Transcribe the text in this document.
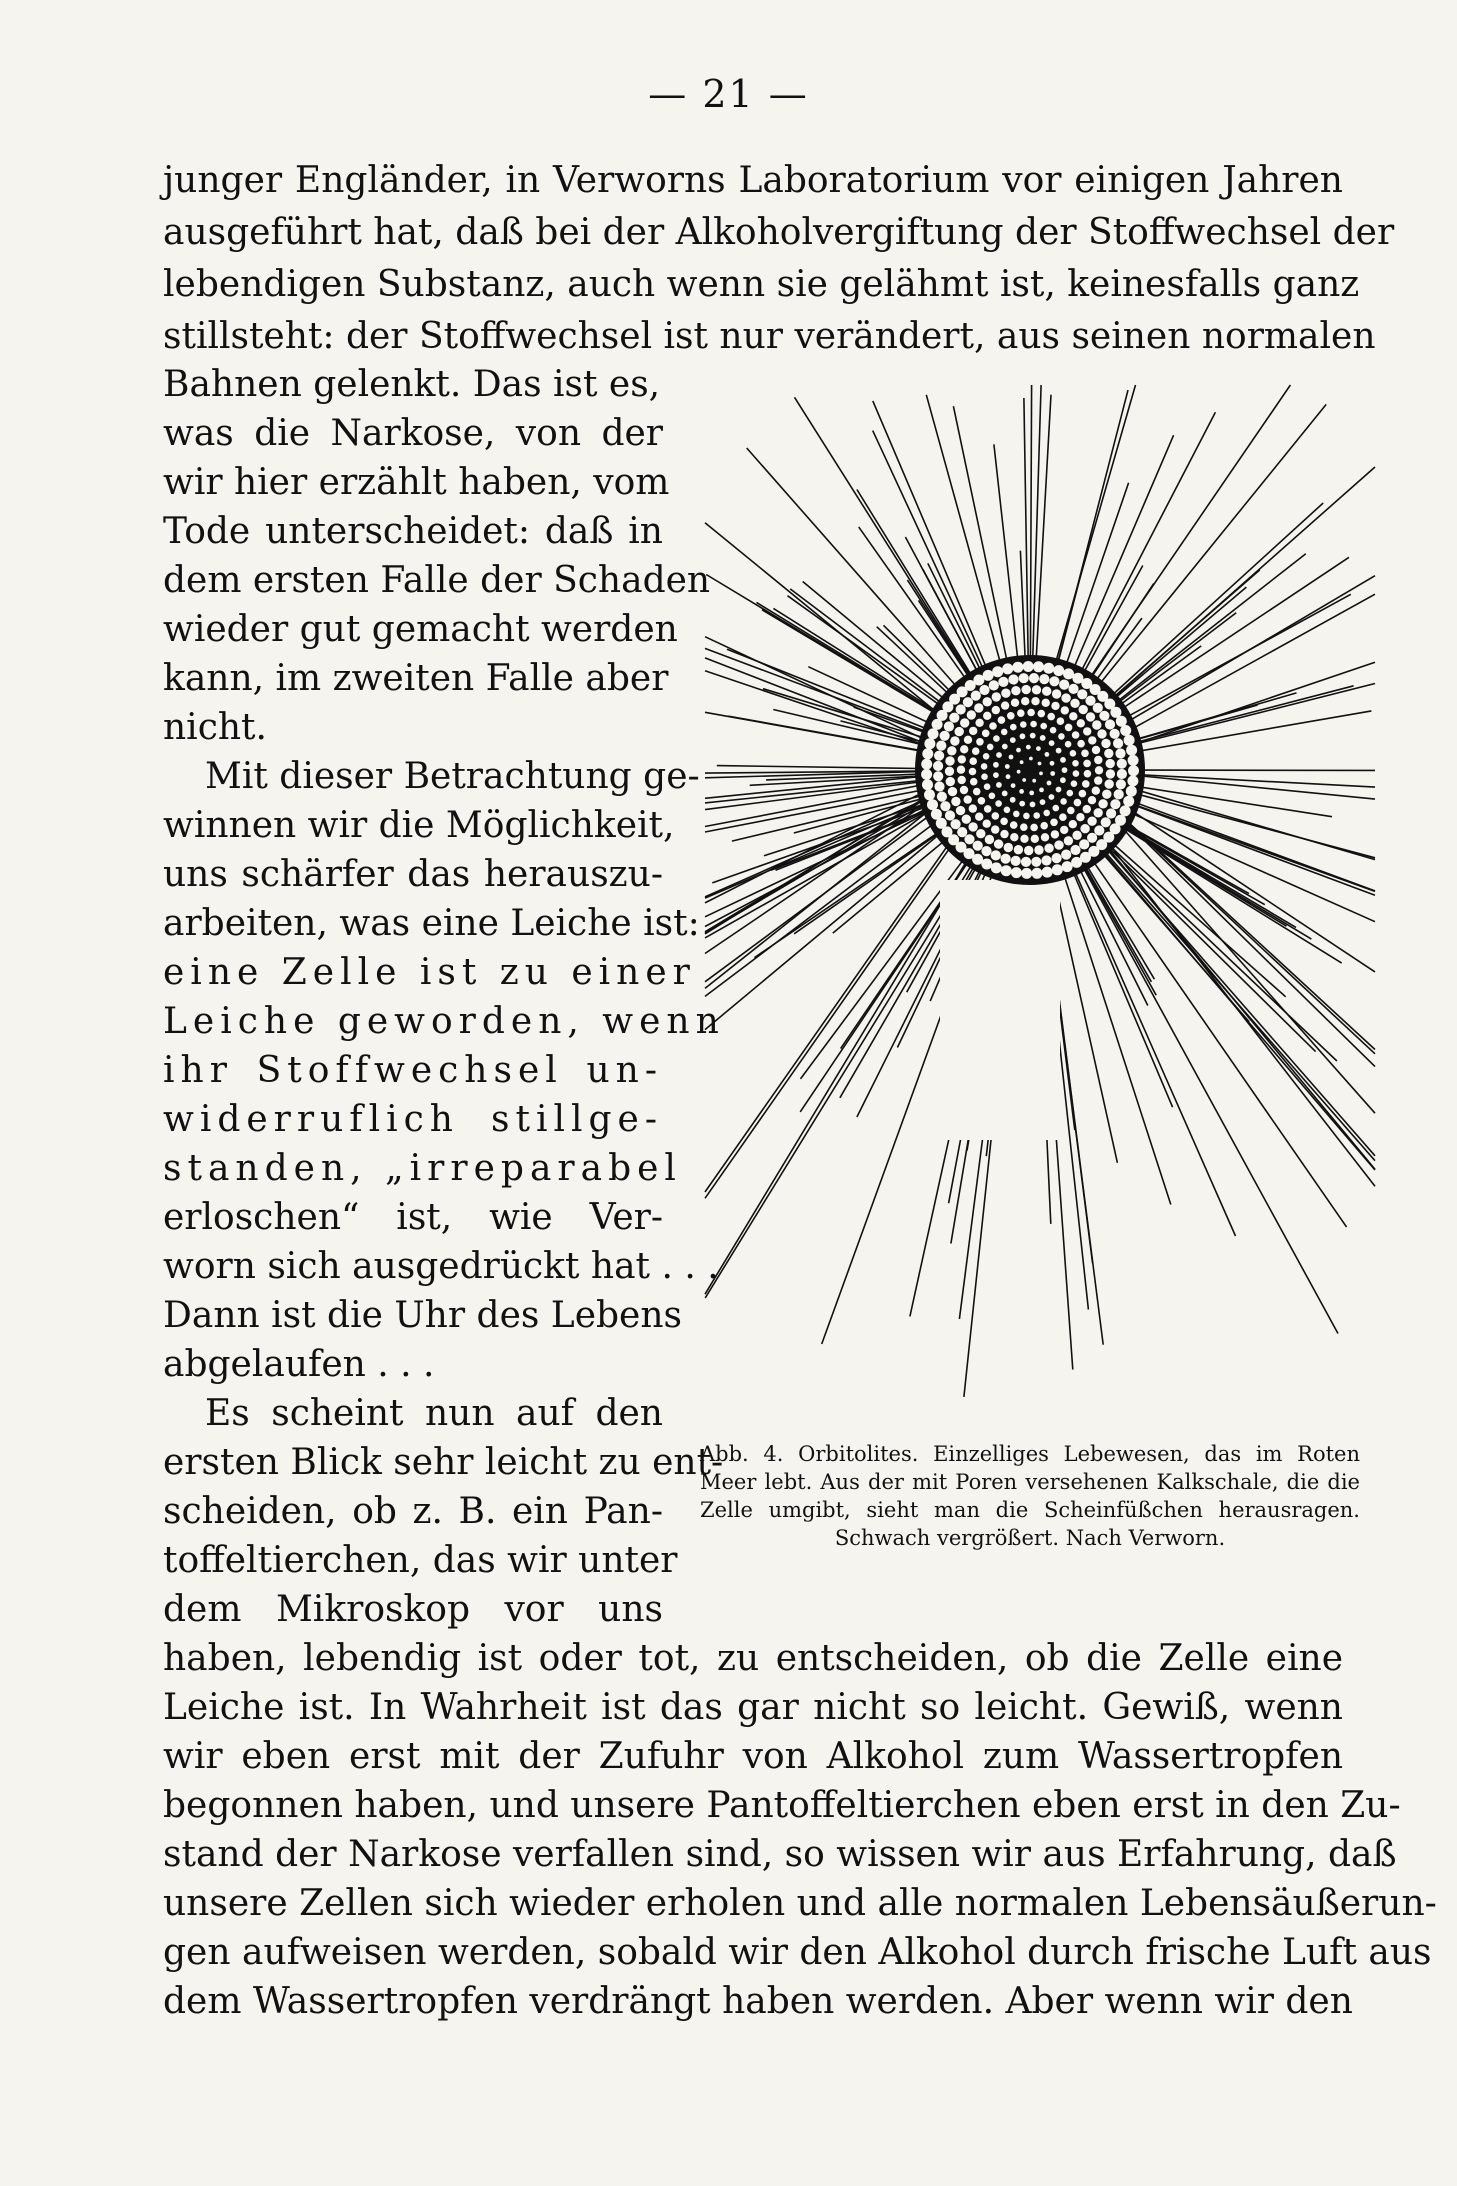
— 21 —
junger Engländer, in Verworns Laboratorium vor einigen Jahren
ausgeführt hat, daß bei der Alkoholvergiftung der Stoffwechsel der
lebendigen Substanz, auch wenn sie gelähmt ist, keinesfalls ganz
stillsteht: der Stoffwechsel ist nur verändert, aus seinen normalen
Bahnen gelenkt. Das ist es,
was die Narkose, von der
wir hier erzählt haben, vom
Tode unterscheidet: daß in
dem ersten Falle der Schaden
wieder gut gemacht werden
kann, im zweiten Falle aber
nicht.
Mit dieser Betrachtung ge-
winnen wir die Möglichkeit,
uns schärfer das herauszu-
arbeiten, was eine Leiche ist:
eine Zelle ist zu einer
Leiche geworden, wenn
ihr Stoffwechsel un-
widerruflich stillge-
standen, „irreparabel
erloschen“ ist, wie Ver-
worn sich ausgedrückt hat . . .
Dann ist die Uhr des Lebens
abgelaufen . . .
Es scheint nun auf den
ersten Blick sehr leicht zu ent-
scheiden, ob z. B. ein Pan-
toffeltierchen, das wir unter
dem Mikroskop vor uns
haben, lebendig ist oder tot, zu entscheiden, ob die Zelle eine
Leiche ist. In Wahrheit ist das gar nicht so leicht. Gewiß, wenn
wir eben erst mit der Zufuhr von Alkohol zum Wassertropfen
begonnen haben, und unsere Pantoffeltierchen eben erst in den Zu-
stand der Narkose verfallen sind, so wissen wir aus Erfahrung, daß
unsere Zellen sich wieder erholen und alle normalen Lebensäußerun-
gen aufweisen werden, sobald wir den Alkohol durch frische Luft aus
dem Wassertropfen verdrängt haben werden. Aber wenn wir den
Abb. 4. Orbitolites. Einzelliges Lebewesen, das im Roten Meer lebt. Aus der mit Poren versehenen Kalkschale, die die Zelle umgibt, sieht man die Scheinfüßchen herausragen. Schwach vergrößert. Nach Verworn.
